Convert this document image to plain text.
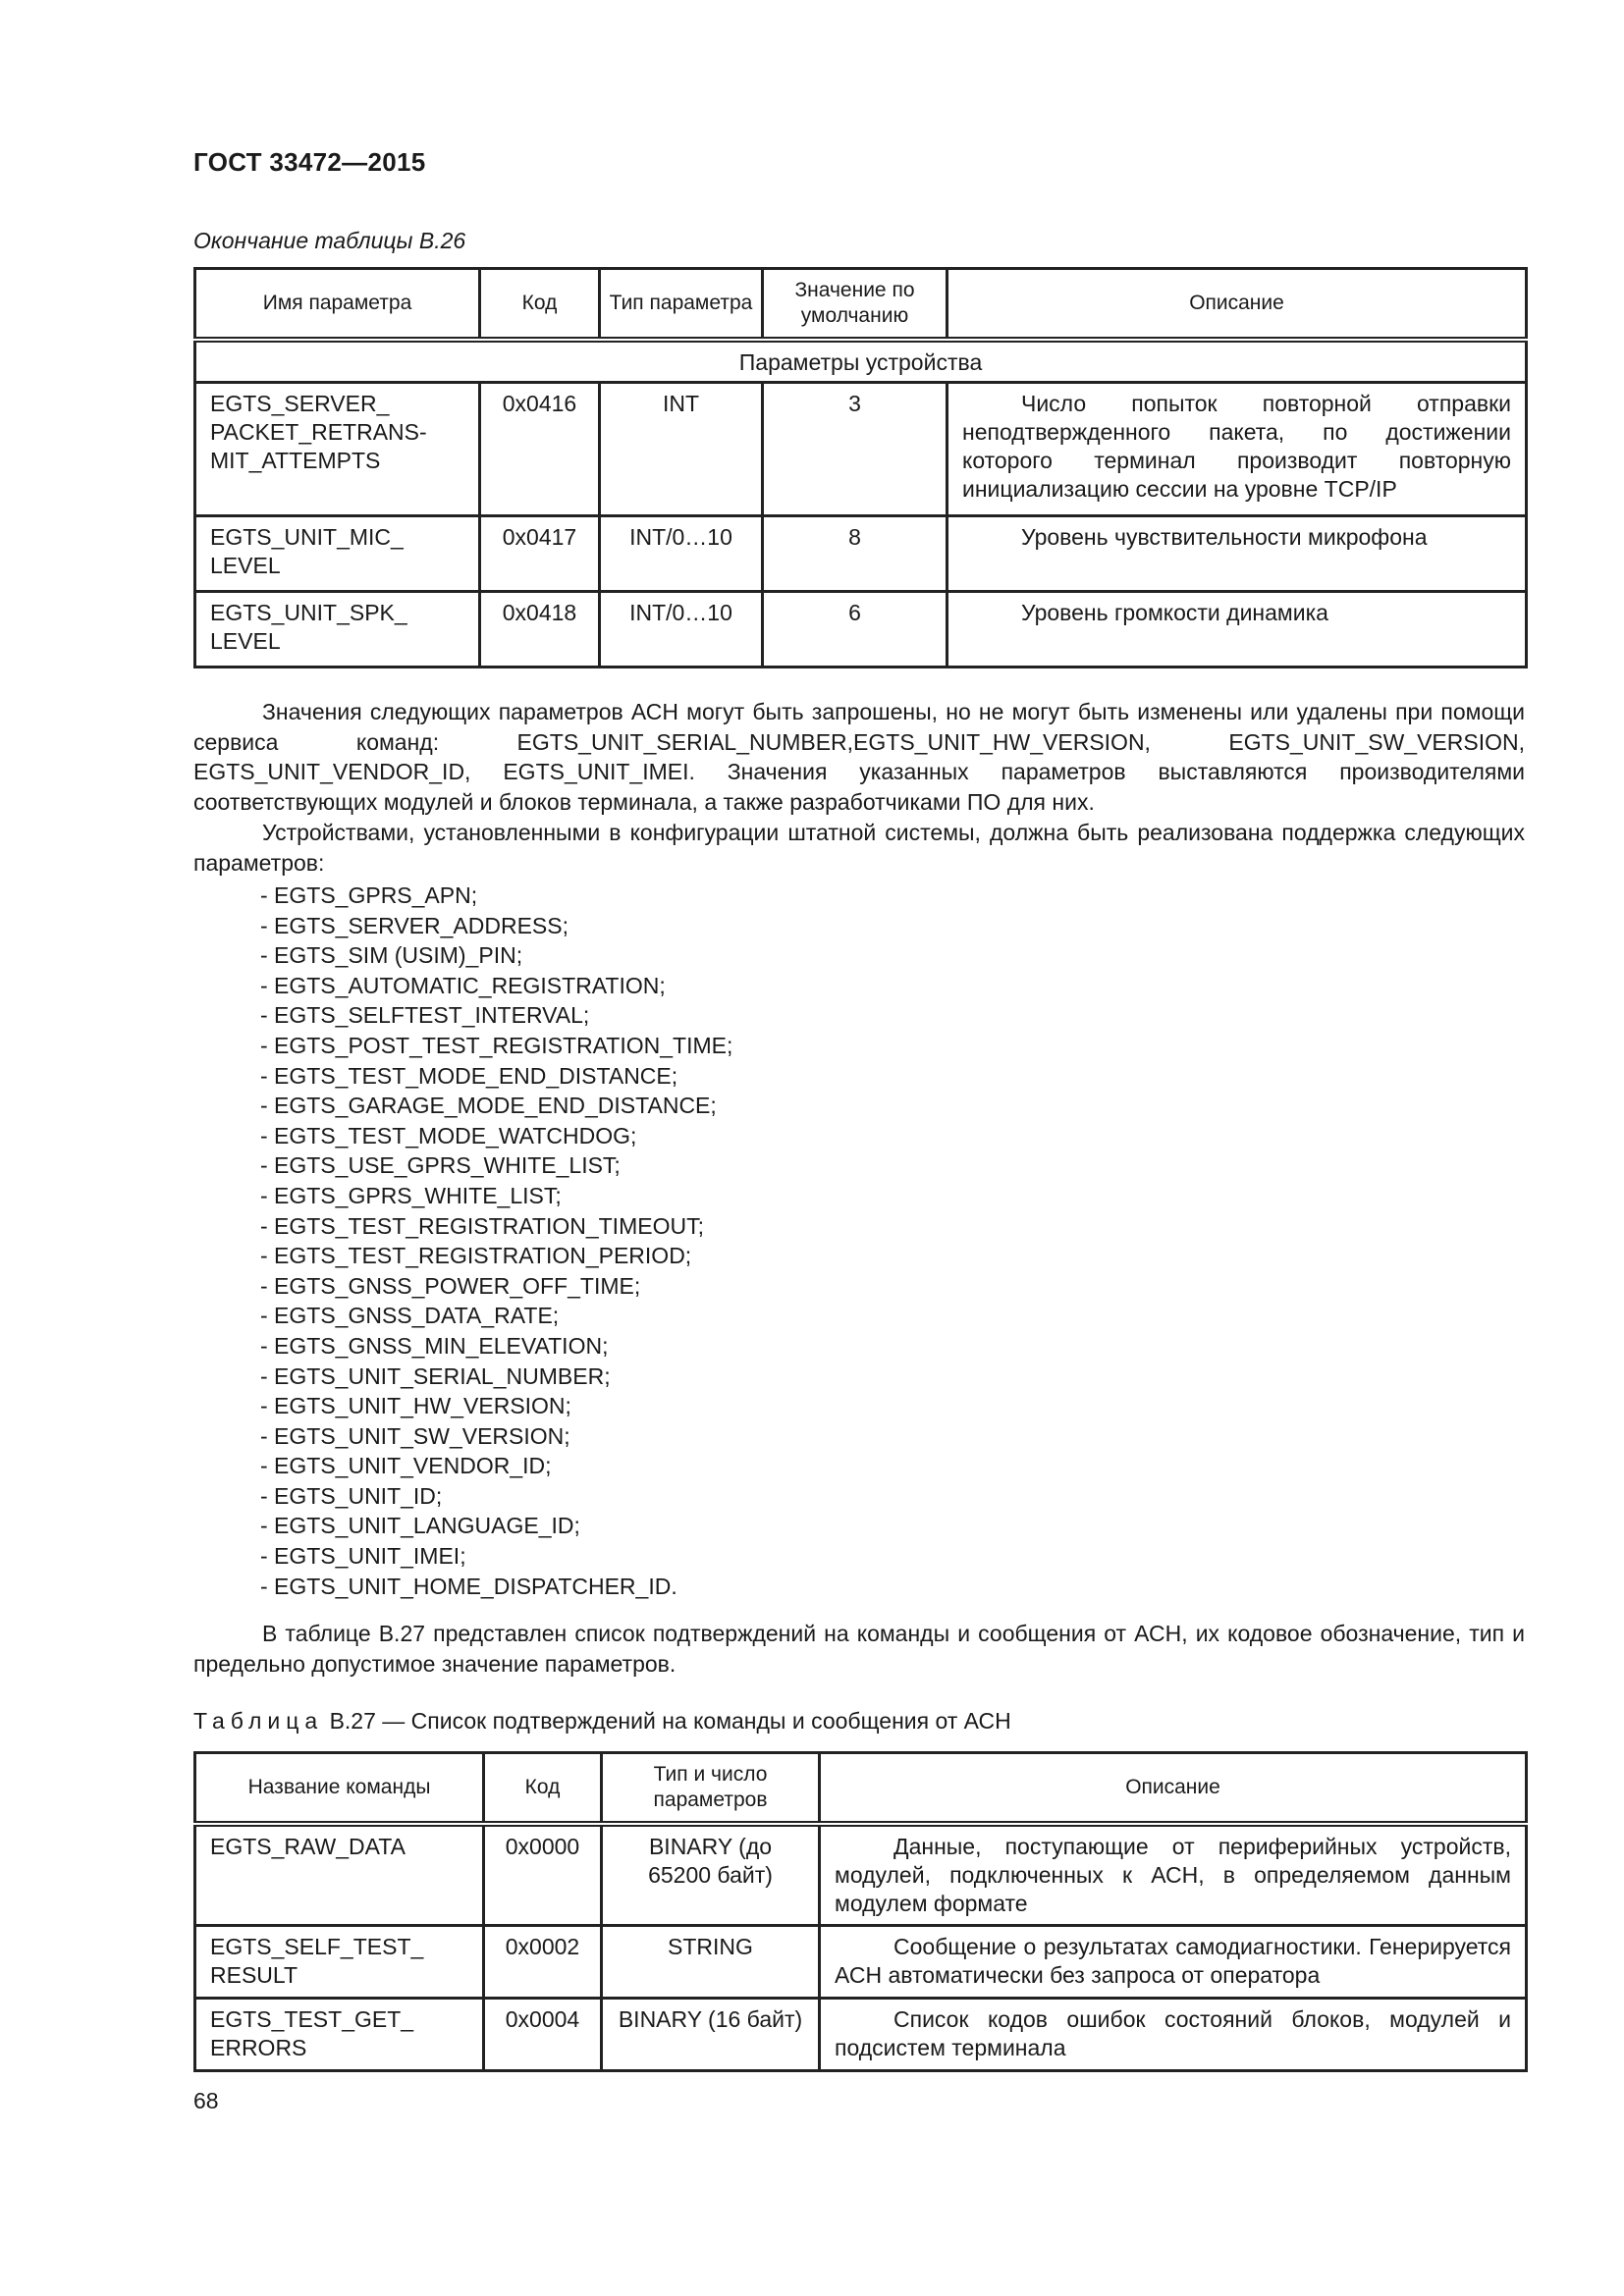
ГОСТ 33472—2015
Окончание таблицы В.26
Имя параметра	Код	Тип параметра	Значение по умолчанию	Описание
Параметры устройства				
EGTS_SERVER_ PACKET_RETRANS-MIT_ATTEMPTS	0x0416	INT	3	Число попыток повторной отправки неподтвержденного пакета, по достижении которого терминал производит повторную инициализацию сессии на уровне TCP/IP
EGTS_UNIT_MIC_ LEVEL	0x0417	INT/0…10	8	Уровень чувствительности микрофона
EGTS_UNIT_SPK_ LEVEL	0x0418	INT/0…10	6	Уровень громкости динамика
Значения следующих параметров АСН могут быть запрошены, но не могут быть изменены или удалены при помощи сервиса команд: EGTS_UNIT_SERIAL_NUMBER,EGTS_UNIT_HW_VERSION, EGTS_UNIT_SW_VERSION, EGTS_UNIT_VENDOR_ID, EGTS_UNIT_IMEI. Значения указанных параметров выставляются производителями соответствующих модулей и блоков терминала, а также разработчиками ПО для них.
Устройствами, установленными в конфигурации штатной системы, должна быть реализована поддержка следующих параметров:
- EGTS_GPRS_APN;
- EGTS_SERVER_ADDRESS;
- EGTS_SIM (USIM)_PIN;
- EGTS_AUTOMATIC_REGISTRATION;
- EGTS_SELFTEST_INTERVAL;
- EGTS_POST_TEST_REGISTRATION_TIME;
- EGTS_TEST_MODE_END_DISTANCE;
- EGTS_GARAGE_MODE_END_DISTANCE;
- EGTS_TEST_MODE_WATCHDOG;
- EGTS_USE_GPRS_WHITE_LIST;
- EGTS_GPRS_WHITE_LIST;
- EGTS_TEST_REGISTRATION_TIMEOUT;
- EGTS_TEST_REGISTRATION_PERIOD;
- EGTS_GNSS_POWER_OFF_TIME;
- EGTS_GNSS_DATA_RATE;
- EGTS_GNSS_MIN_ELEVATION;
- EGTS_UNIT_SERIAL_NUMBER;
- EGTS_UNIT_HW_VERSION;
- EGTS_UNIT_SW_VERSION;
- EGTS_UNIT_VENDOR_ID;
- EGTS_UNIT_ID;
- EGTS_UNIT_LANGUAGE_ID;
- EGTS_UNIT_IMEI;
- EGTS_UNIT_HOME_DISPATCHER_ID.
В таблице В.27 представлен список подтверждений на команды и сообщения от АСН, их кодовое обозначение, тип и предельно допустимое значение параметров.
Таблица В.27 — Список подтверждений на команды и сообщения от АСН
Название команды	Код	Тип и число параметров	Описание
EGTS_RAW_DATA	0x0000	BINARY (до 65200 байт)	Данные, поступающие от периферийных устройств, модулей, подключенных к АСН, в определяемом данным модулем формате
EGTS_SELF_TEST_ RESULT	0x0002	STRING	Сообщение о результатах самодиагностики. Генерируется АСН автоматически без запроса от оператора
EGTS_TEST_GET_ ERRORS	0x0004	BINARY (16 байт)	Список кодов ошибок состояний блоков, модулей и подсистем терминала
68
